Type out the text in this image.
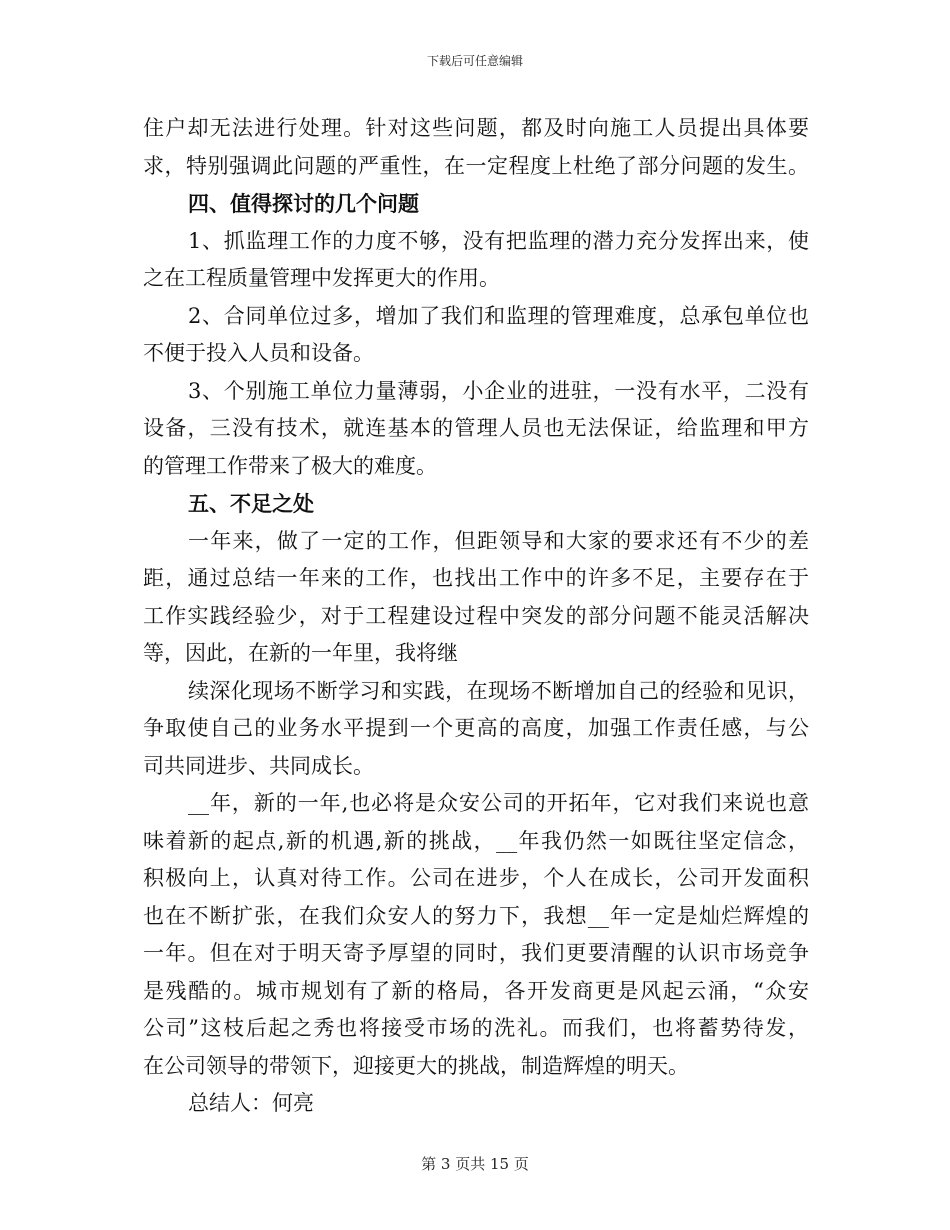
下载后可任意编辑
住户却无法进行处理。针对这些问题，都及时向施工人员提出具体要
求，特别强调此问题的严重性，在一定程度上杜绝了部分问题的发生。
四、值得探讨的几个问题
1、抓监理工作的力度不够，没有把监理的潜力充分发挥出来，使
之在工程质量管理中发挥更大的作用。
2、合同单位过多，增加了我们和监理的管理难度，总承包单位也
不便于投入人员和设备。
3、个别施工单位力量薄弱，小企业的进驻，一没有水平，二没有
设备，三没有技术，就连基本的管理人员也无法保证，给监理和甲方
的管理工作带来了极大的难度。
五、不足之处
一年来，做了一定的工作，但距领导和大家的要求还有不少的差
距，通过总结一年来的工作，也找出工作中的许多不足，主要存在于
工作实践经验少，对于工程建设过程中突发的部分问题不能灵活解决
等，因此，在新的一年里，我将继
续深化现场不断学习和实践，在现场不断增加自己的经验和见识，
争取使自己的业务水平提到一个更高的高度，加强工作责任感，与公
司共同进步、共同成长。
__年，新的一年,也必将是众安公司的开拓年，它对我们来说也意
味着新的起点,新的机遇,新的挑战，__年我仍然一如既往坚定信念，
积极向上，认真对待工作。公司在进步，个人在成长，公司开发面积
也在不断扩张，在我们众安人的努力下，我想__年一定是灿烂辉煌的
一年。但在对于明天寄予厚望的同时，我们更要清醒的认识市场竞争
是残酷的。城市规划有了新的格局，各开发商更是风起云涌，“众安
公司”这枝后起之秀也将接受市场的洗礼。而我们，也将蓄势待发，
在公司领导的带领下，迎接更大的挑战，制造辉煌的明天。
总结人：何亮
第 3 页共 15 页
